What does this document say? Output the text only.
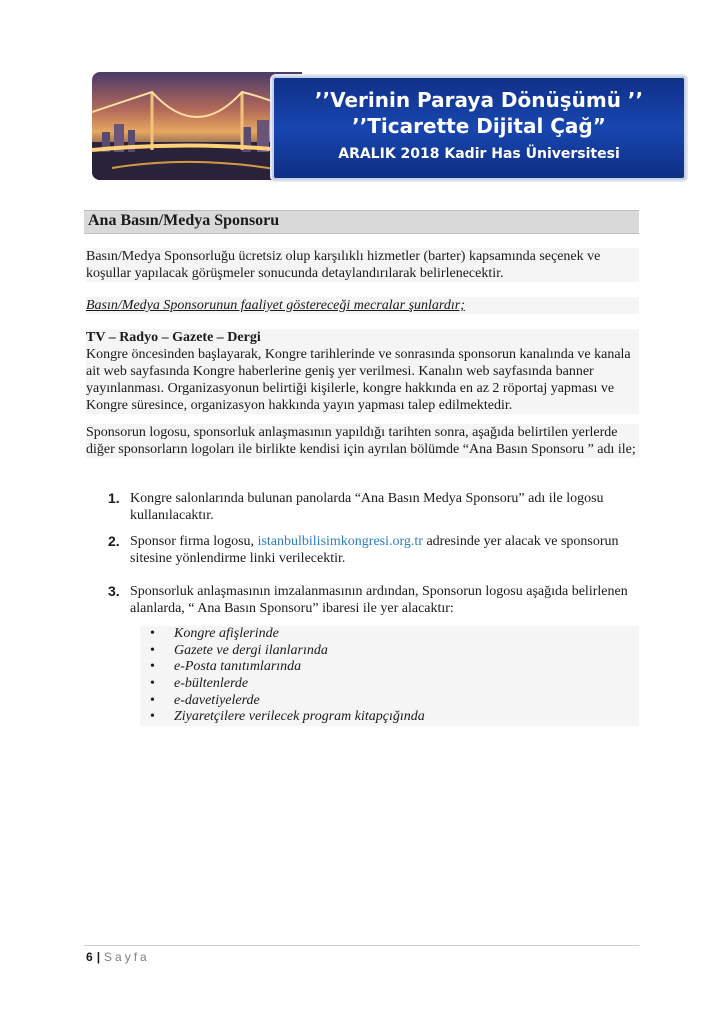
’’Verinin Paraya Dönüşümü ’’
’’Ticarette Dijital Çağ”
ARALIK 2018 Kadir Has Üniversitesi
Ana Basın/Medya Sponsoru
Basın/Medya Sponsorluğu ücretsiz olup karşılıklı hizmetler (barter) kapsamında seçenek ve koşullar yapılacak görüşmeler sonucunda detaylandırılarak belirlenecektir.
Basın/Medya Sponsorunun faaliyet göstereceği mecralar şunlardır;
TV – Radyo – Gazete – Dergi
Kongre öncesinden başlayarak, Kongre tarihlerinde ve sonrasında sponsorun kanalında ve kanala ait web sayfasında Kongre haberlerine geniş yer verilmesi. Kanalın web sayfasında banner yayınlanması. Organizasyonun belirtiği kişilerle, kongre hakkında en az 2 röportaj yapması ve Kongre süresince, organizasyon hakkında yayın yapması talep edilmektedir.
Sponsorun logosu, sponsorluk anlaşmasının yapıldığı tarihten sonra, aşağıda belirtilen yerlerde diğer sponsorların logoları ile birlikte kendisi için ayrılan bölümde “Ana Basın Sponsoru ” adı ile;
1. Kongre salonlarında bulunan panolarda “Ana Basın Medya Sponsoru” adı ile logosu kullanılacaktır.
2. Sponsor firma logosu, istanbulbilisimkongresi.org.tr adresinde yer alacak ve sponsorun sitesine yönlendirme linki verilecektir.
3. Sponsorluk anlaşmasının imzalanmasının ardından, Sponsorun logosu aşağıda belirlenen alanlarda, “ Ana Basın Sponsoru” ibaresi ile yer alacaktır:
• Kongre afişlerinde
• Gazete ve dergi ilanlarında
• e-Posta tanıtımlarında
• e-bültenlerde
• e-davetiyelerde
• Ziyaretçilere verilecek program kitapçığında
6 | Sayfa
